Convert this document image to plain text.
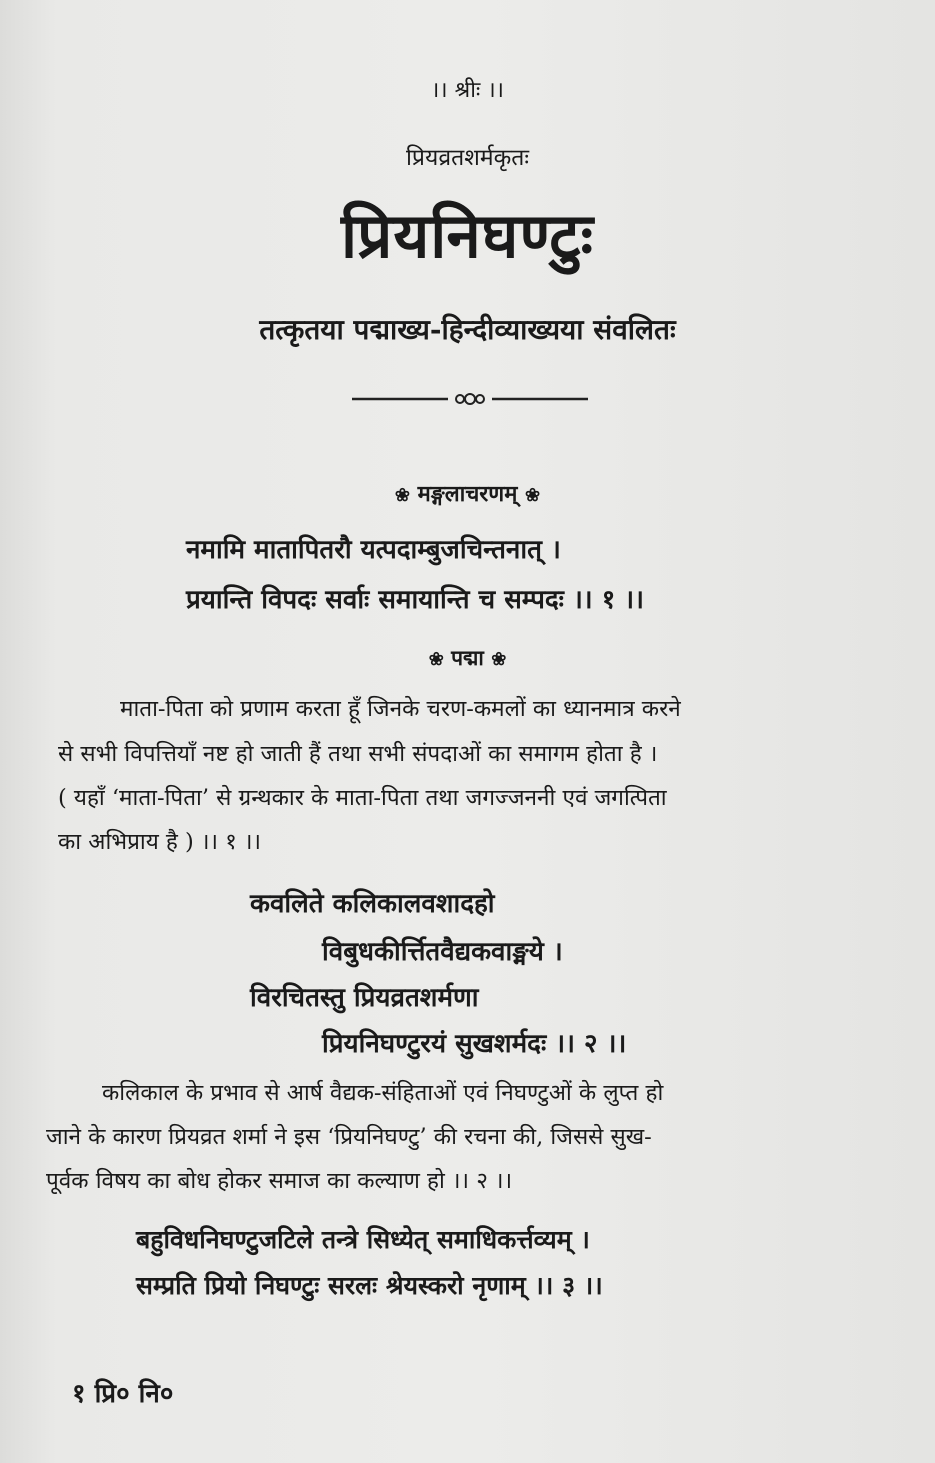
।। श्रीः ।।
प्रियव्रतशर्मकृतः
प्रियनिघण्टुः
तत्कृतया पद्माख्य-हिन्दीव्याख्यया संवलितः
❀ मङ्गलाचरणम् ❀
नमामि मातापितरौ यत्पदाम्बुजचिन्तनात् ।
प्रयान्ति विपदः सर्वाः समायान्ति च सम्पदः ।। १ ।।
❀ पद्मा ❀
माता-पिता को प्रणाम करता हूँ जिनके चरण-कमलों का ध्यानमात्र करने
से सभी विपत्तियाँ नष्ट हो जाती हैं तथा सभी संपदाओं का समागम होता है ।
( यहाँ ‘माता-पिता’ से ग्रन्थकार के माता-पिता तथा जगज्जननी एवं जगत्पिता
का अभिप्राय है ) ।। १ ।।
कवलिते कलिकालवशादहो
विबुधकीर्त्तितवैद्यकवाङ्मये ।
विरचितस्तु प्रियव्रतशर्मणा
प्रियनिघण्टुरयं सुखशर्मदः ।। २ ।।
कलिकाल के प्रभाव से आर्ष वैद्यक-संहिताओं एवं निघण्टुओं के लुप्त हो
जाने के कारण प्रियव्रत शर्मा ने इस ‘प्रियनिघण्टु’ की रचना की, जिससे सुख-
पूर्वक विषय का बोध होकर समाज का कल्याण हो ।। २ ।।
बहुविधनिघण्टुजटिले तन्त्रे सिध्येत् समाधिकर्त्तव्यम् ।
सम्प्रति प्रियो निघण्टुः सरलः श्रेयस्करो नृणाम् ।। ३ ।।
१ प्रि० नि०
